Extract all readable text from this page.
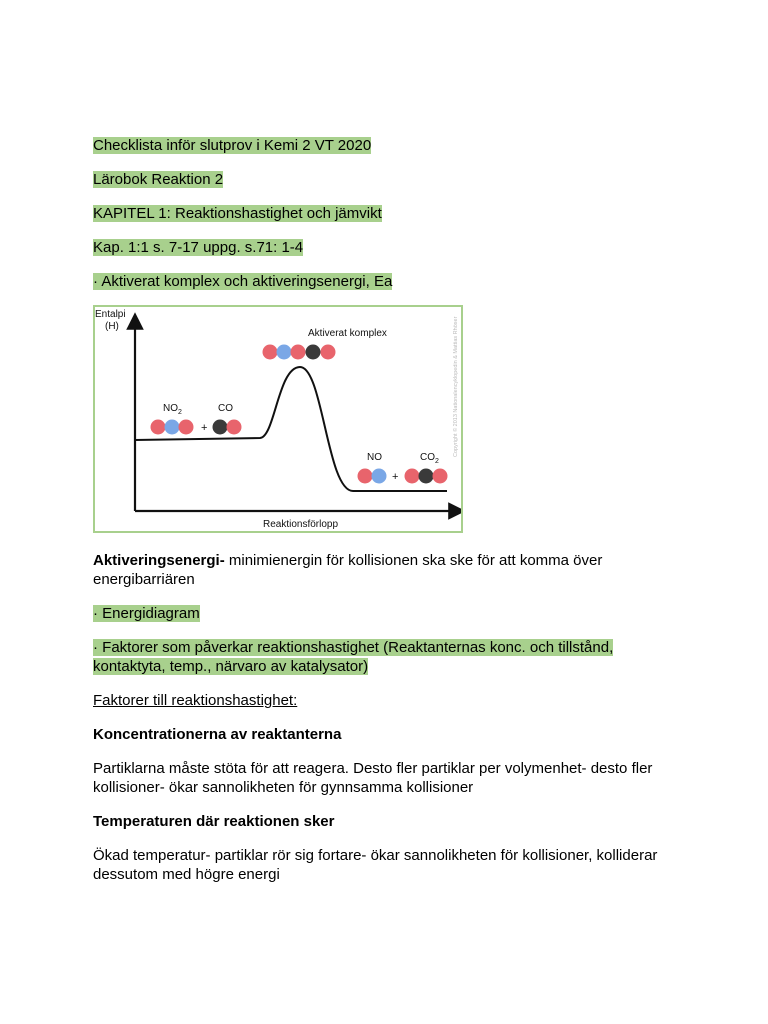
Checklista inför slutprov i Kemi 2 VT 2020

Lärobok Reaktion 2

KAPITEL 1: Reaktionshastighet och jämvikt

Kap. 1:1 s. 7-17 uppg. s.71: 1-4

· Aktiverat komplex och aktiveringsenergi, Ea

Entalpi
(H)
Reaktionsförlopp
Aktiverat komplex
$NO_2$	CO
+
NO	$CO_2$
+
Copyright © 2013 Nationalencyklopedin & Mattias Rhöser

Aktiveringsenergi- minimienergin för kollisionen ska ske för att komma över energibarriären

· Energidiagram

· Faktorer som påverkar reaktionshastighet (Reaktanternas konc. och tillstånd,
kontaktyta, temp., närvaro av katalysator)

Faktorer till reaktionshastighet:

Koncentrationerna av reaktanterna

Partiklarna måste stöta för att reagera. Desto fler partiklar per volymenhet- desto fler kollisioner- ökar sannolikheten för gynnsamma kollisioner

Temperaturen där reaktionen sker

Ökad temperatur- partiklar rör sig fortare- ökar sannolikheten för kollisioner, kolliderar dessutom med högre energi
